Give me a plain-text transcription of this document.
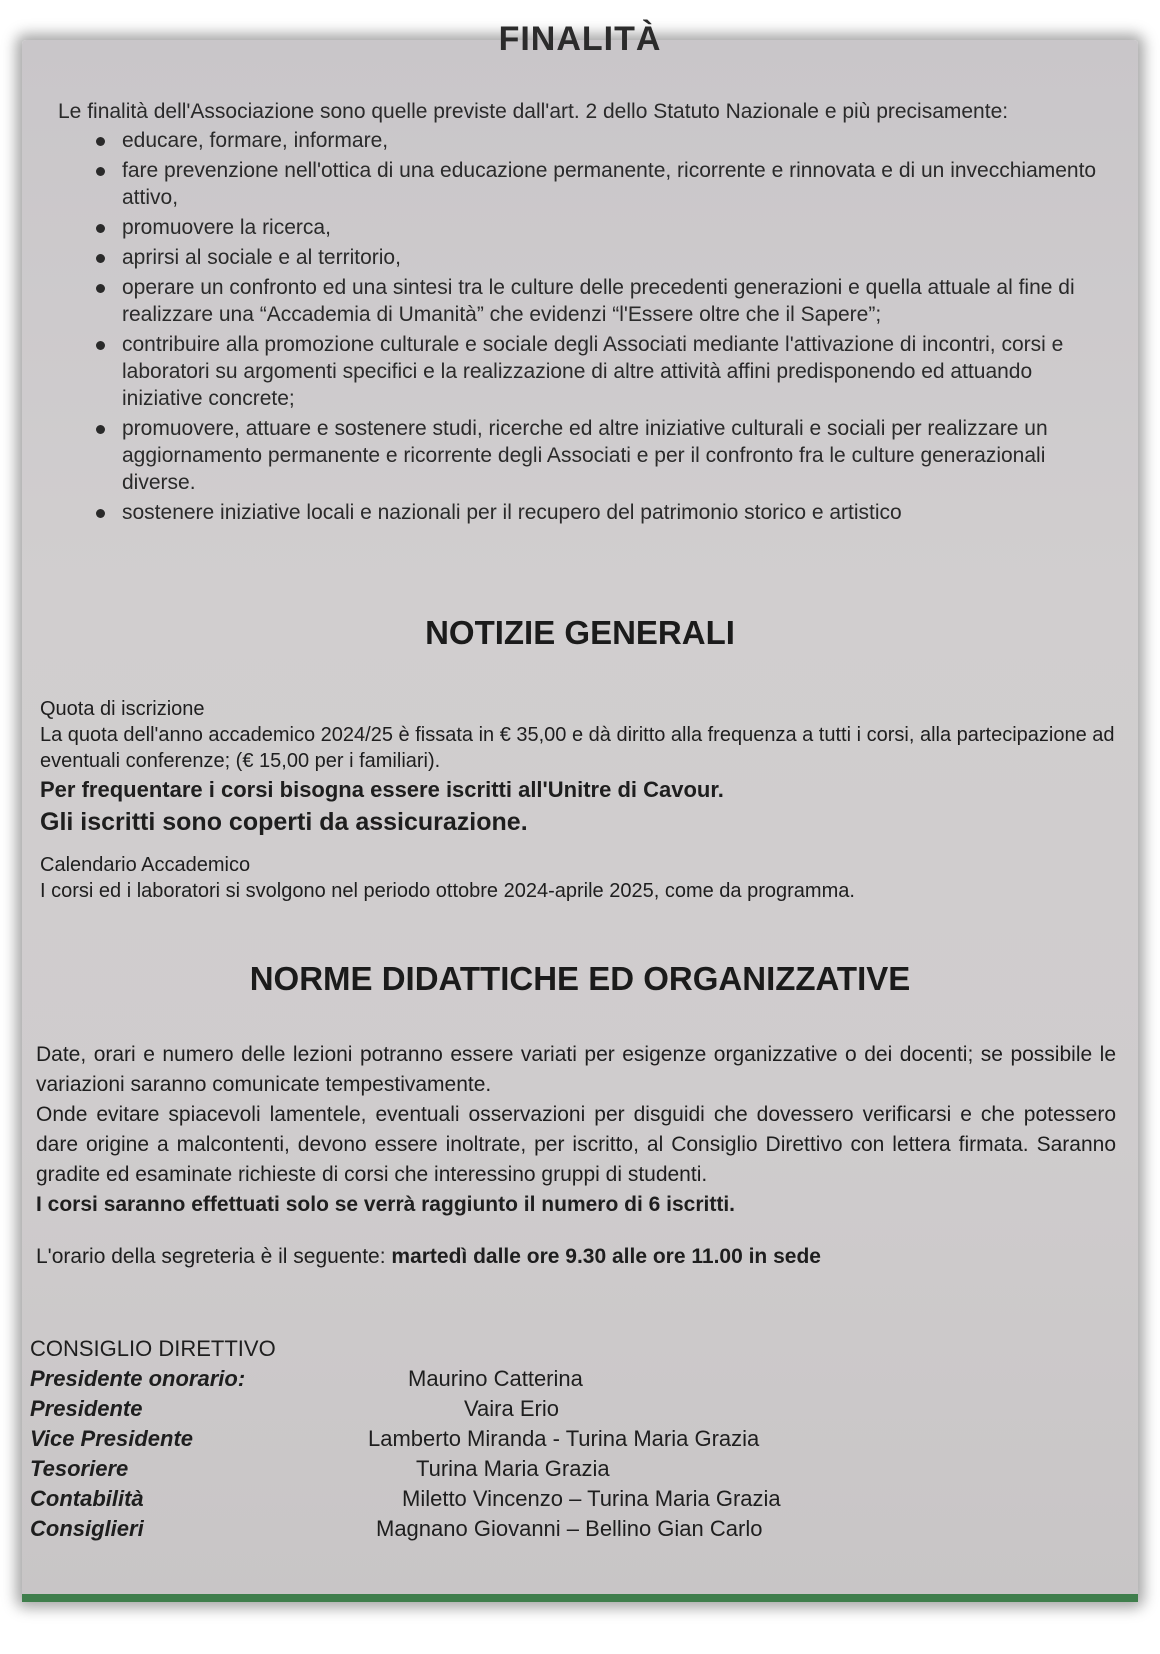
FINALITÀ

Le finalità dell'Associazione sono quelle previste dall'art. 2 dello Statuto Nazionale e più precisamente:

educare, formare, informare,
fare prevenzione nell'ottica di una educazione permanente, ricorrente e rinnovata e di un invecchiamento attivo,
promuovere la ricerca,
aprirsi al sociale e al territorio,
operare un confronto ed una sintesi tra le culture delle precedenti generazioni e quella attuale al fine di realizzare una “Accademia di Umanità” che evidenzi “l'Essere oltre che il Sapere”;
contribuire alla promozione culturale e sociale degli Associati mediante l'attivazione di incontri, corsi e laboratori su argomenti specifici e la realizzazione di altre attività affini predisponendo ed attuando iniziative concrete;
promuovere, attuare e sostenere studi, ricerche ed altre iniziative culturali e sociali per realizzare un aggiornamento permanente e ricorrente degli Associati e per il confronto fra le culture generazionali diverse.
sostenere iniziative locali e nazionali per il recupero del patrimonio storico e artistico
NOTIZIE GENERALI

Quota di iscrizione

La quota dell'anno accademico 2024/25 è fissata in € 35,00 e dà diritto alla frequenza a tutti i corsi, alla partecipazione ad eventuali conferenze; (€ 15,00 per i familiari).

Per frequentare i corsi bisogna essere iscritti all'Unitre di Cavour.

Gli iscritti sono coperti da assicurazione.

Calendario Accademico

I corsi ed i laboratori si svolgono nel periodo ottobre 2024-aprile 2025, come da programma.

NORME DIDATTICHE ED ORGANIZZATIVE

Date, orari e numero delle lezioni potranno essere variati per esigenze organizzative o dei docenti; se possibile le variazioni saranno comunicate tempestivamente.

Onde evitare spiacevoli lamentele, eventuali osservazioni per disguidi che dovessero verificarsi e che potessero dare origine a malcontenti, devono essere inoltrate, per iscritto, al Consiglio Direttivo con lettera firmata. Saranno gradite ed esaminate richieste di corsi che interessino gruppi di studenti.

I corsi saranno effettuati solo se verrà raggiunto il numero di 6 iscritti.

L'orario della segreteria è il seguente: martedì dalle ore 9.30 alle ore 11.00 in sede

CONSIGLIO DIRETTIVO

Presidente onorario:	Maurino Catterina
Presidente	Vaira Erio
Vice Presidente	Lamberto Miranda - Turina Maria Grazia
Tesoriere	Turina Maria Grazia
Contabilità	Miletto Vincenzo – Turina Maria Grazia
Consiglieri	Magnano Giovanni – Bellino Gian Carlo
